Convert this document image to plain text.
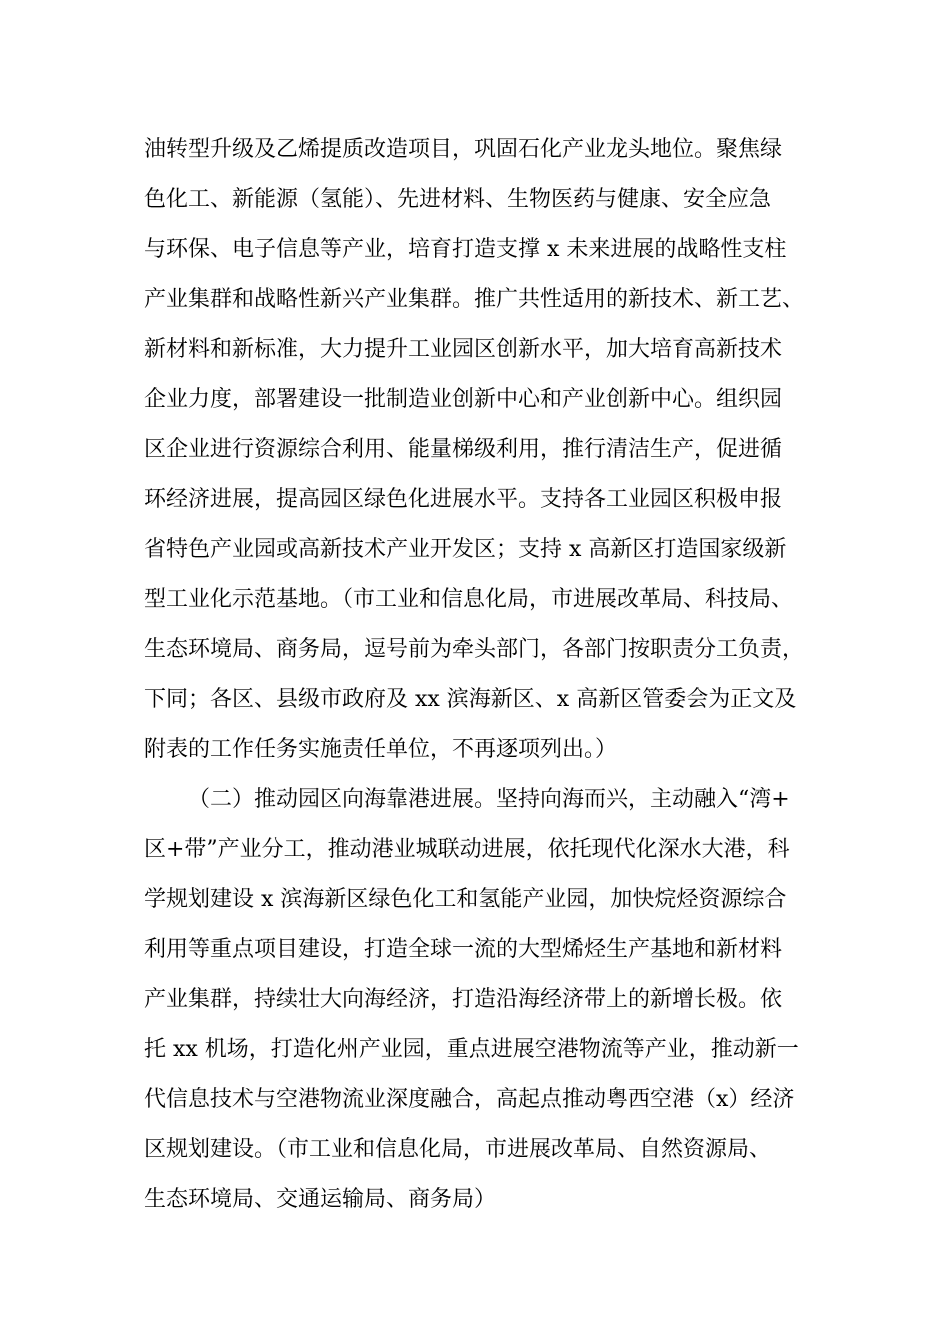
油转型升级及乙烯提质改造项目，巩固石化产业龙头地位。聚焦绿
色化工、新能源（氢能）、先进材料、生物医药与健康、安全应急
与环保、电子信息等产业，培育打造支撑 x 未来进展的战略性支柱
产业集群和战略性新兴产业集群。推广共性适用的新技术、新工艺、
新材料和新标准，大力提升工业园区创新水平，加大培育高新技术
企业力度，部署建设一批制造业创新中心和产业创新中心。组织园
区企业进行资源综合利用、能量梯级利用，推行清洁生产，促进循
环经济进展，提高园区绿色化进展水平。支持各工业园区积极申报
省特色产业园或高新技术产业开发区；支持 x 高新区打造国家级新
型工业化示范基地。（市工业和信息化局，市进展改革局、科技局、
生态环境局、商务局，逗号前为牵头部门，各部门按职责分工负责，
下同；各区、县级市政府及 xx 滨海新区、x 高新区管委会为正文及
附表的工作任务实施责任单位，不再逐项列出。）
（二）推动园区向海靠港进展。坚持向海而兴，主动融入“湾+
区+带”产业分工，推动港业城联动进展，依托现代化深水大港，科
学规划建设 x 滨海新区绿色化工和氢能产业园，加快烷烃资源综合
利用等重点项目建设，打造全球一流的大型烯烃生产基地和新材料
产业集群，持续壮大向海经济，打造沿海经济带上的新增长极。依
托 xx 机场，打造化州产业园，重点进展空港物流等产业，推动新一
代信息技术与空港物流业深度融合，高起点推动粤西空港（x）经济
区规划建设。（市工业和信息化局，市进展改革局、自然资源局、
生态环境局、交通运输局、商务局）
